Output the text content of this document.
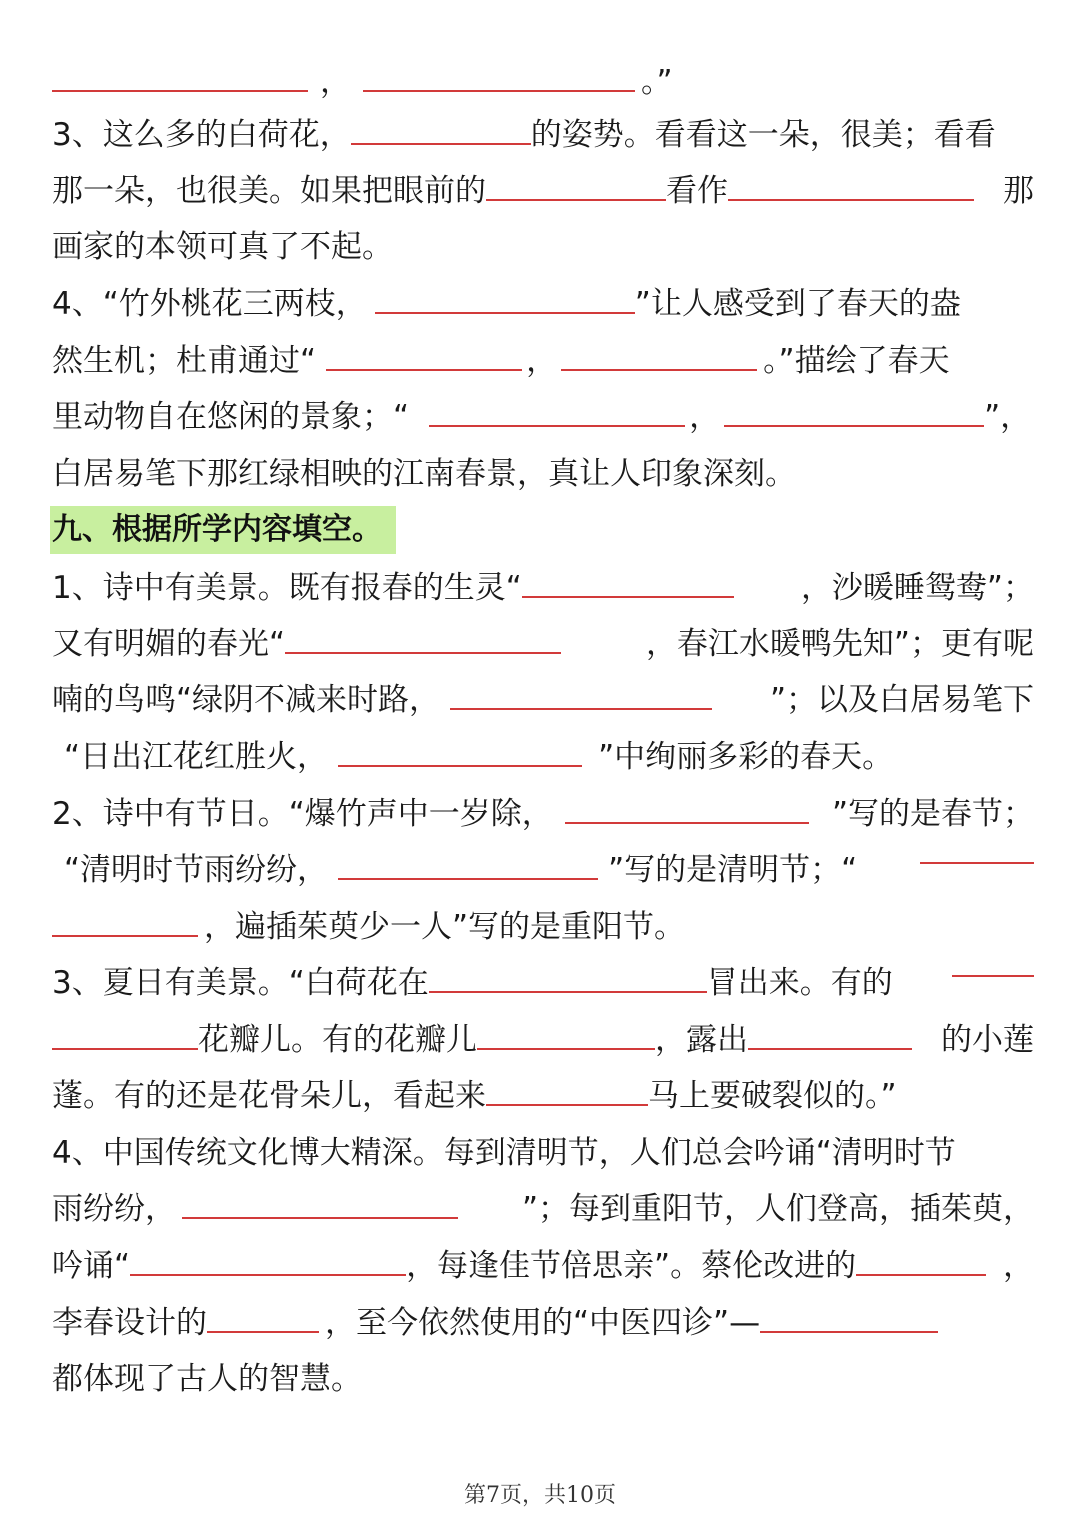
，	。”
3、这么多的白荷花，	的姿势。看看这一朵，很美；看看
那一朵，也很美。如果把眼前的	看作	那
画家的本领可真了不起。
4、“竹外桃花三两枝，	”让人感受到了春天的盎
然生机；杜甫通过“	，	。”描绘了春天
里动物自在悠闲的景象；“	，	”，
白居易笔下那红绿相映的江南春景，真让人印象深刻。
九、根据所学内容填空。
1、诗中有美景。既有报春的生灵“	，沙暖睡鸳鸯”；
又有明媚的春光“	，春江水暖鸭先知”；更有呢
喃的鸟鸣“绿阴不减来时路，	”；以及白居易笔下
“日出江花红胜火，	”中绚丽多彩的春天。
2、诗中有节日。“爆竹声中一岁除，	”写的是春节；
“清明时节雨纷纷，	”写的是清明节；“
，遍插茱萸少一人”写的是重阳节。
3、夏日有美景。“白荷花在	冒出来。有的
花瓣儿。有的花瓣儿	，露出	的小莲
蓬。有的还是花骨朵儿，看起来	马上要破裂似的。”
4、中国传统文化博大精深。每到清明节，人们总会吟诵“清明时节
雨纷纷，	”；每到重阳节，人们登高，插茱萸，
吟诵“	，每逢佳节倍思亲”。蔡伦改进的	，
李春设计的	，至今依然使用的“中医四诊”—
都体现了古人的智慧。
第7页，共10页
